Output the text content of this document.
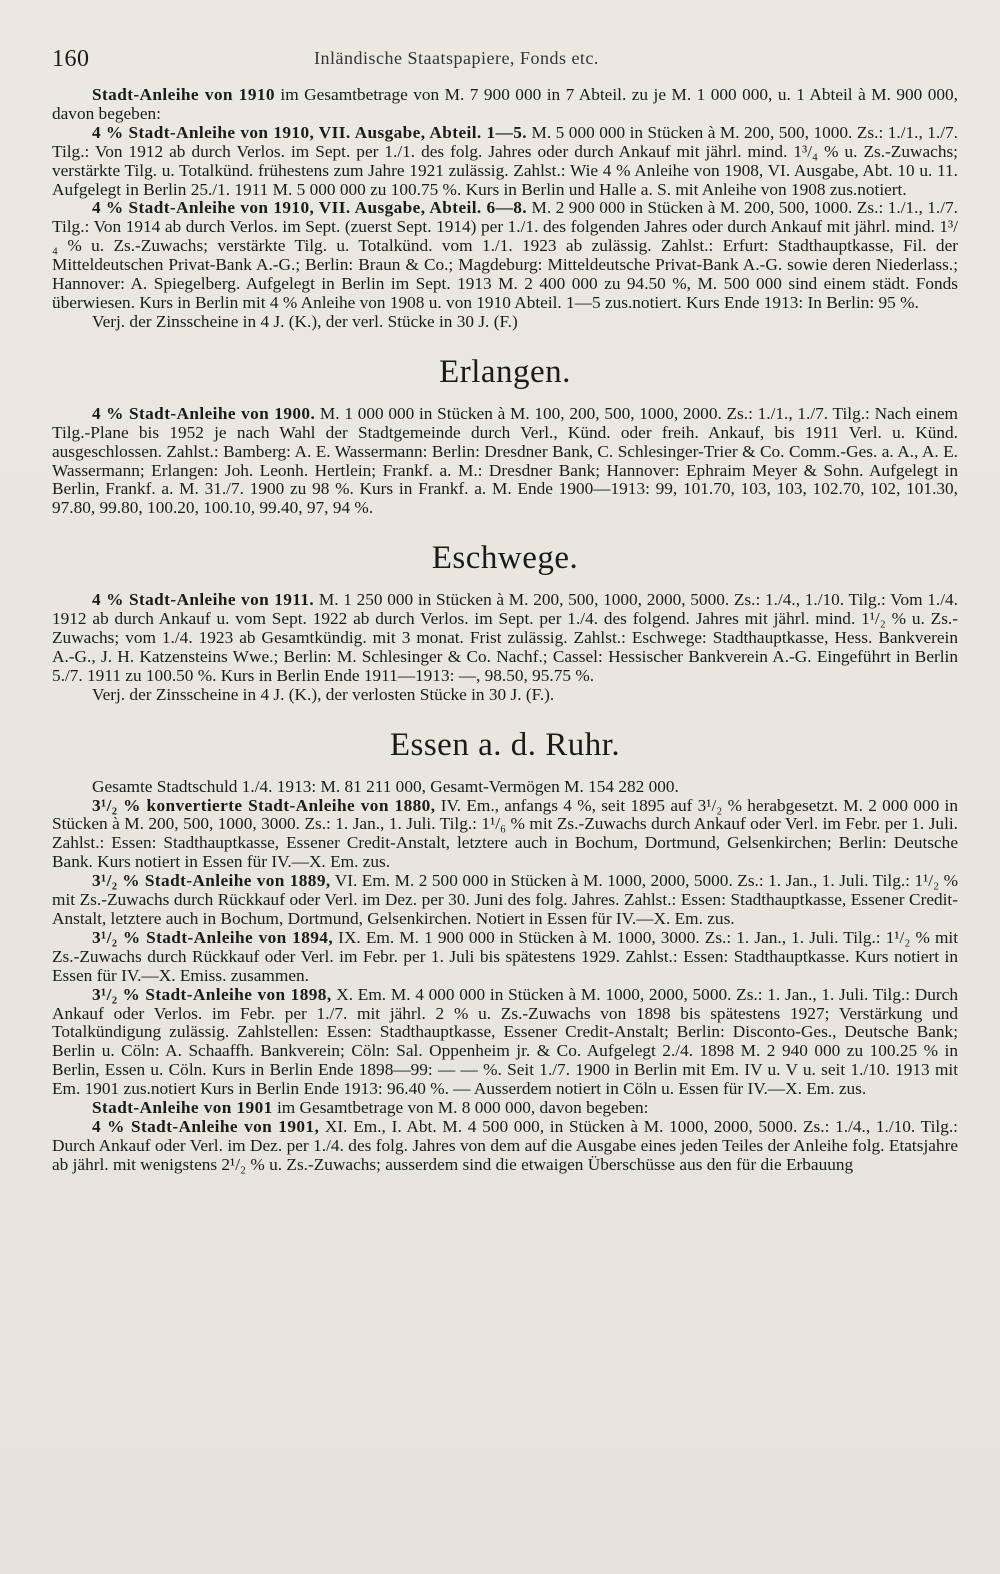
160	Inländische Staatspapiere, Fonds etc.

Stadt-Anleihe von 1910 im Gesamtbetrage von M. 7 900 000 in 7 Abteil. zu je M. 1 000 000, u. 1 Abteil à M. 900 000, davon begeben:

4 % Stadt-Anleihe von 1910, VII. Ausgabe, Abteil. 1—5. M. 5 000 000 in Stücken à M. 200, 500, 1000. Zs.: 1./1., 1./7. Tilg.: Von 1912 ab durch Verlos. im Sept. per 1./1. des folg. Jahres oder durch Ankauf mit jährl. mind. 1³/₄ % u. Zs.-Zuwachs; verstärkte Tilg. u. Totalkünd. frühestens zum Jahre 1921 zulässig. Zahlst.: Wie 4 % Anleihe von 1908, VI. Ausgabe, Abt. 10 u. 11. Aufgelegt in Berlin 25./1. 1911 M. 5 000 000 zu 100.75 %. Kurs in Berlin und Halle a. S. mit Anleihe von 1908 zus.notiert.

4 % Stadt-Anleihe von 1910, VII. Ausgabe, Abteil. 6—8. M. 2 900 000 in Stücken à M. 200, 500, 1000. Zs.: 1./1., 1./7. Tilg.: Von 1914 ab durch Verlos. im Sept. (zuerst Sept. 1914) per 1./1. des folgenden Jahres oder durch Ankauf mit jährl. mind. 1³/₄ % u. Zs.-Zuwachs; verstärkte Tilg. u. Totalkünd. vom 1./1. 1923 ab zulässig. Zahlst.: Erfurt: Stadthauptkasse, Fil. der Mitteldeutschen Privat-Bank A.-G.; Berlin: Braun & Co.; Magdeburg: Mitteldeutsche Privat-Bank A.-G. sowie deren Niederlass.; Hannover: A. Spiegelberg. Aufgelegt in Berlin im Sept. 1913 M. 2 400 000 zu 94.50 %, M. 500 000 sind einem städt. Fonds überwiesen. Kurs in Berlin mit 4 % Anleihe von 1908 u. von 1910 Abteil. 1—5 zus.notiert. Kurs Ende 1913: In Berlin: 95 %.

Verj. der Zinsscheine in 4 J. (K.), der verl. Stücke in 30 J. (F.)

Erlangen.

4 % Stadt-Anleihe von 1900. M. 1 000 000 in Stücken à M. 100, 200, 500, 1000, 2000. Zs.: 1./1., 1./7. Tilg.: Nach einem Tilg.-Plane bis 1952 je nach Wahl der Stadtgemeinde durch Verl., Künd. oder freih. Ankauf, bis 1911 Verl. u. Künd. ausgeschlossen. Zahlst.: Bamberg: A. E. Wassermann: Berlin: Dresdner Bank, C. Schlesinger-Trier & Co. Comm.-Ges. a. A., A. E. Wassermann; Erlangen: Joh. Leonh. Hertlein; Frankf. a. M.: Dresdner Bank; Hannover: Ephraim Meyer & Sohn. Aufgelegt in Berlin, Frankf. a. M. 31./7. 1900 zu 98 %. Kurs in Frankf. a. M. Ende 1900—1913: 99, 101.70, 103, 103, 102.70, 102, 101.30, 97.80, 99.80, 100.20, 100.10, 99.40, 97, 94 %.

Eschwege.

4 % Stadt-Anleihe von 1911. M. 1 250 000 in Stücken à M. 200, 500, 1000, 2000, 5000. Zs.: 1./4., 1./10. Tilg.: Vom 1./4. 1912 ab durch Ankauf u. vom Sept. 1922 ab durch Verlos. im Sept. per 1./4. des folgend. Jahres mit jährl. mind. 1¹/₂ % u. Zs.-Zuwachs; vom 1./4. 1923 ab Gesamtkündig. mit 3 monat. Frist zulässig. Zahlst.: Eschwege: Stadthauptkasse, Hess. Bankverein A.-G., J. H. Katzensteins Wwe.; Berlin: M. Schlesinger & Co. Nachf.; Cassel: Hessischer Bankverein A.-G. Eingeführt in Berlin 5./7. 1911 zu 100.50 %. Kurs in Berlin Ende 1911—1913: —, 98.50, 95.75 %.

Verj. der Zinsscheine in 4 J. (K.), der verlosten Stücke in 30 J. (F.).

Essen a. d. Ruhr.

Gesamte Stadtschuld 1./4. 1913: M. 81 211 000, Gesamt-Vermögen M. 154 282 000.

3¹/₂ % konvertierte Stadt-Anleihe von 1880, IV. Em., anfangs 4 %, seit 1895 auf 3¹/₂ % herabgesetzt. M. 2 000 000 in Stücken à M. 200, 500, 1000, 3000. Zs.: 1. Jan., 1. Juli. Tilg.: 1¹/₆ % mit Zs.-Zuwachs durch Ankauf oder Verl. im Febr. per 1. Juli. Zahlst.: Essen: Stadthauptkasse, Essener Credit-Anstalt, letztere auch in Bochum, Dortmund, Gelsenkirchen; Berlin: Deutsche Bank. Kurs notiert in Essen für IV.—X. Em. zus.

3¹/₂ % Stadt-Anleihe von 1889, VI. Em. M. 2 500 000 in Stücken à M. 1000, 2000, 5000. Zs.: 1. Jan., 1. Juli. Tilg.: 1¹/₂ % mit Zs.-Zuwachs durch Rückkauf oder Verl. im Dez. per 30. Juni des folg. Jahres. Zahlst.: Essen: Stadthauptkasse, Essener Credit-Anstalt, letztere auch in Bochum, Dortmund, Gelsenkirchen. Notiert in Essen für IV.—X. Em. zus.

3¹/₂ % Stadt-Anleihe von 1894, IX. Em. M. 1 900 000 in Stücken à M. 1000, 3000. Zs.: 1. Jan., 1. Juli. Tilg.: 1¹/₂ % mit Zs.-Zuwachs durch Rückkauf oder Verl. im Febr. per 1. Juli bis spätestens 1929. Zahlst.: Essen: Stadthauptkasse. Kurs notiert in Essen für IV.—X. Emiss. zusammen.

3¹/₂ % Stadt-Anleihe von 1898, X. Em. M. 4 000 000 in Stücken à M. 1000, 2000, 5000. Zs.: 1. Jan., 1. Juli. Tilg.: Durch Ankauf oder Verlos. im Febr. per 1./7. mit jährl. 2 % u. Zs.-Zuwachs von 1898 bis spätestens 1927; Verstärkung und Totalkündigung zulässig. Zahlstellen: Essen: Stadthauptkasse, Essener Credit-Anstalt; Berlin: Disconto-Ges., Deutsche Bank; Berlin u. Cöln: A. Schaaffh. Bankverein; Cöln: Sal. Oppenheim jr. & Co. Aufgelegt 2./4. 1898 M. 2 940 000 zu 100.25 % in Berlin, Essen u. Cöln. Kurs in Berlin Ende 1898—99: — — %. Seit 1./7. 1900 in Berlin mit Em. IV u. V u. seit 1./10. 1913 mit Em. 1901 zus.notiert Kurs in Berlin Ende 1913: 96.40 %. — Ausserdem notiert in Cöln u. Essen für IV.—X. Em. zus.

Stadt-Anleihe von 1901 im Gesamtbetrage von M. 8 000 000, davon begeben:

4 % Stadt-Anleihe von 1901, XI. Em., I. Abt. M. 4 500 000, in Stücken à M. 1000, 2000, 5000. Zs.: 1./4., 1./10. Tilg.: Durch Ankauf oder Verl. im Dez. per 1./4. des folg. Jahres von dem auf die Ausgabe eines jeden Teiles der Anleihe folg. Etatsjahre ab jährl. mit wenigstens 2¹/₂ % u. Zs.-Zuwachs; ausserdem sind die etwaigen Überschüsse aus den für die Erbauung
